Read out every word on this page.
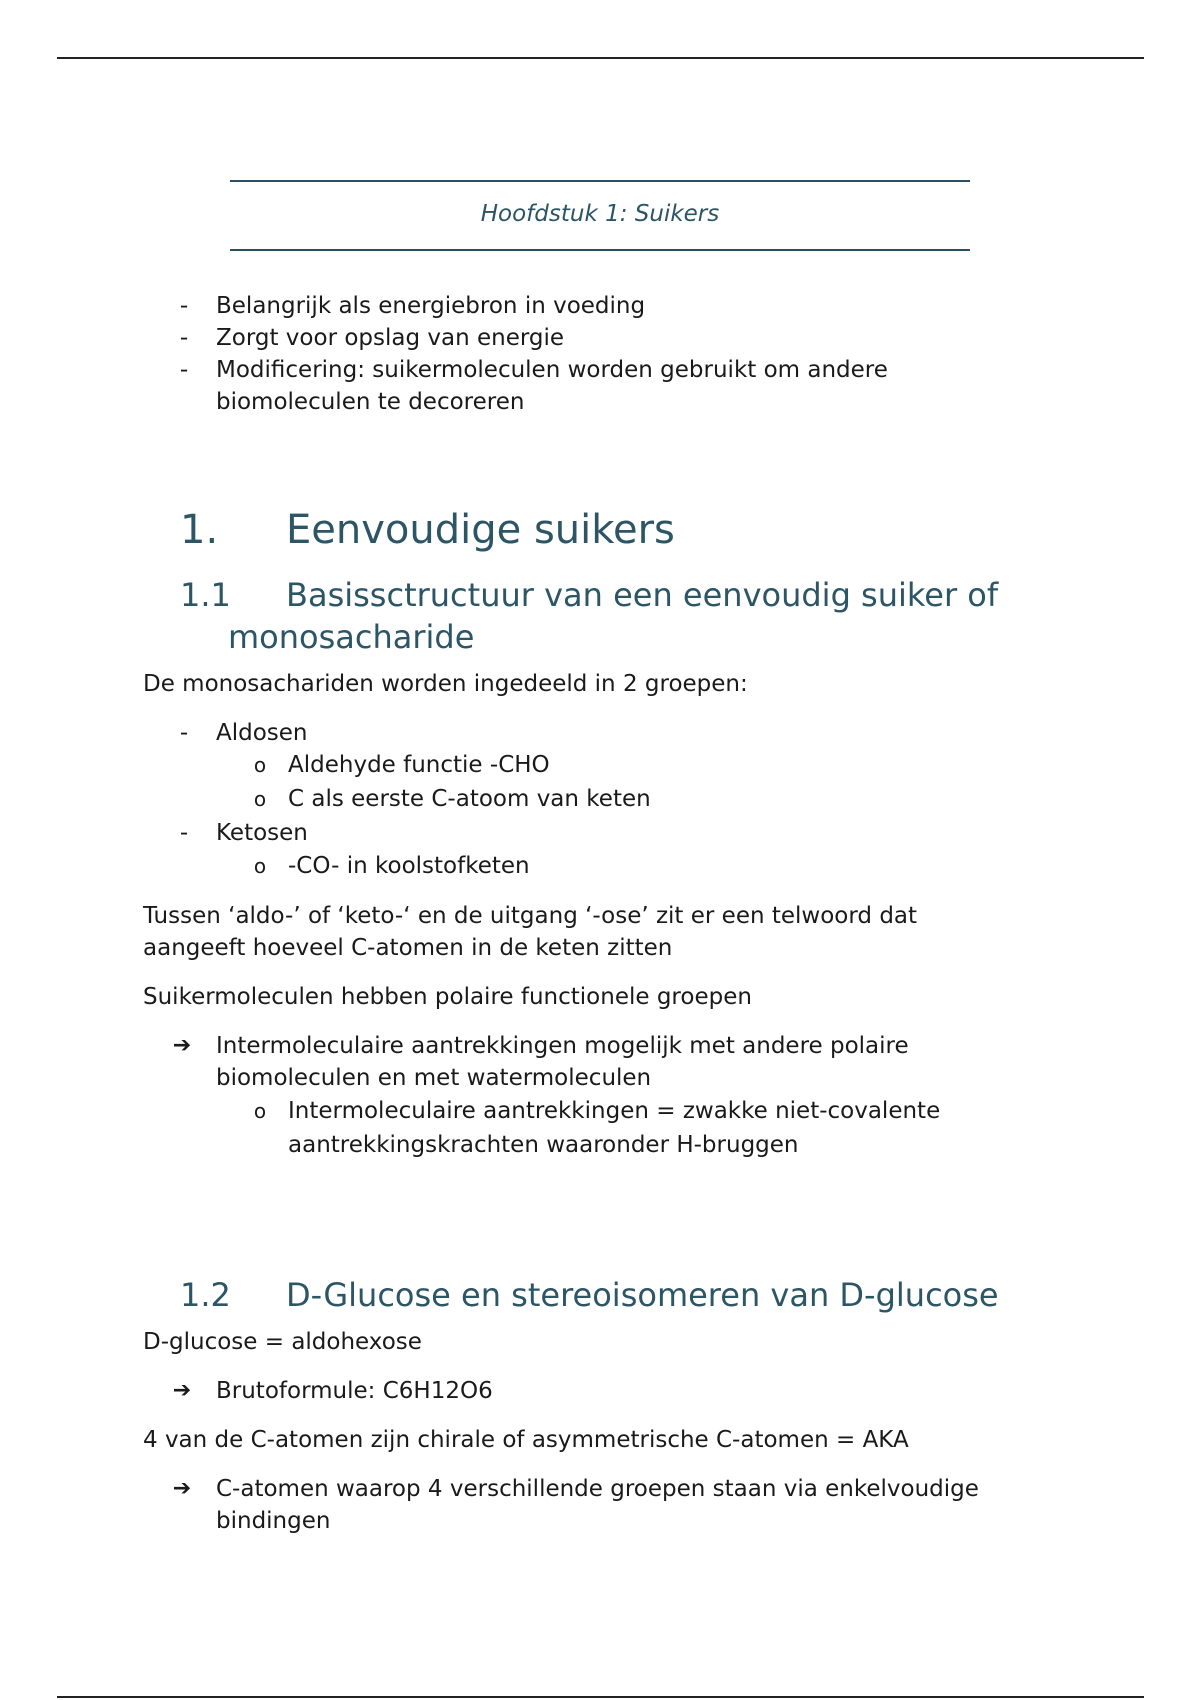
Hoofdstuk 1: Suikers
- Belangrijk als energiebron in voeding

- Zorgt voor opslag van energie

- Modificering: suikermoleculen worden gebruikt om andere

biomoleculen te decoreren

1. Eenvoudige suikers
1.1 Basissctructuur van een eenvoudig suiker of
monosacharide

De monosachariden worden ingedeeld in 2 groepen:

- Aldosen

o Aldehyde functie -CHO

o C als eerste C-atoom van keten

- Ketosen

o -CO- in koolstofketen

Tussen ‘aldo-’ of ‘keto-‘ en de uitgang ‘-ose’ zit er een telwoord dat

aangeeft hoeveel C-atomen in de keten zitten

Suikermoleculen hebben polaire functionele groepen

➔ Intermoleculaire aantrekkingen mogelijk met andere polaire

biomoleculen en met watermoleculen

o Intermoleculaire aantrekkingen = zwakke niet-covalente

aantrekkingskrachten waaronder H-bruggen

1.2 D-Glucose en stereoisomeren van D-glucose

D-glucose = aldohexose

➔ Brutoformule: C6H12O6

4 van de C-atomen zijn chirale of asymmetrische C-atomen = AKA

➔ C-atomen waarop 4 verschillende groepen staan via enkelvoudige

bindingen
